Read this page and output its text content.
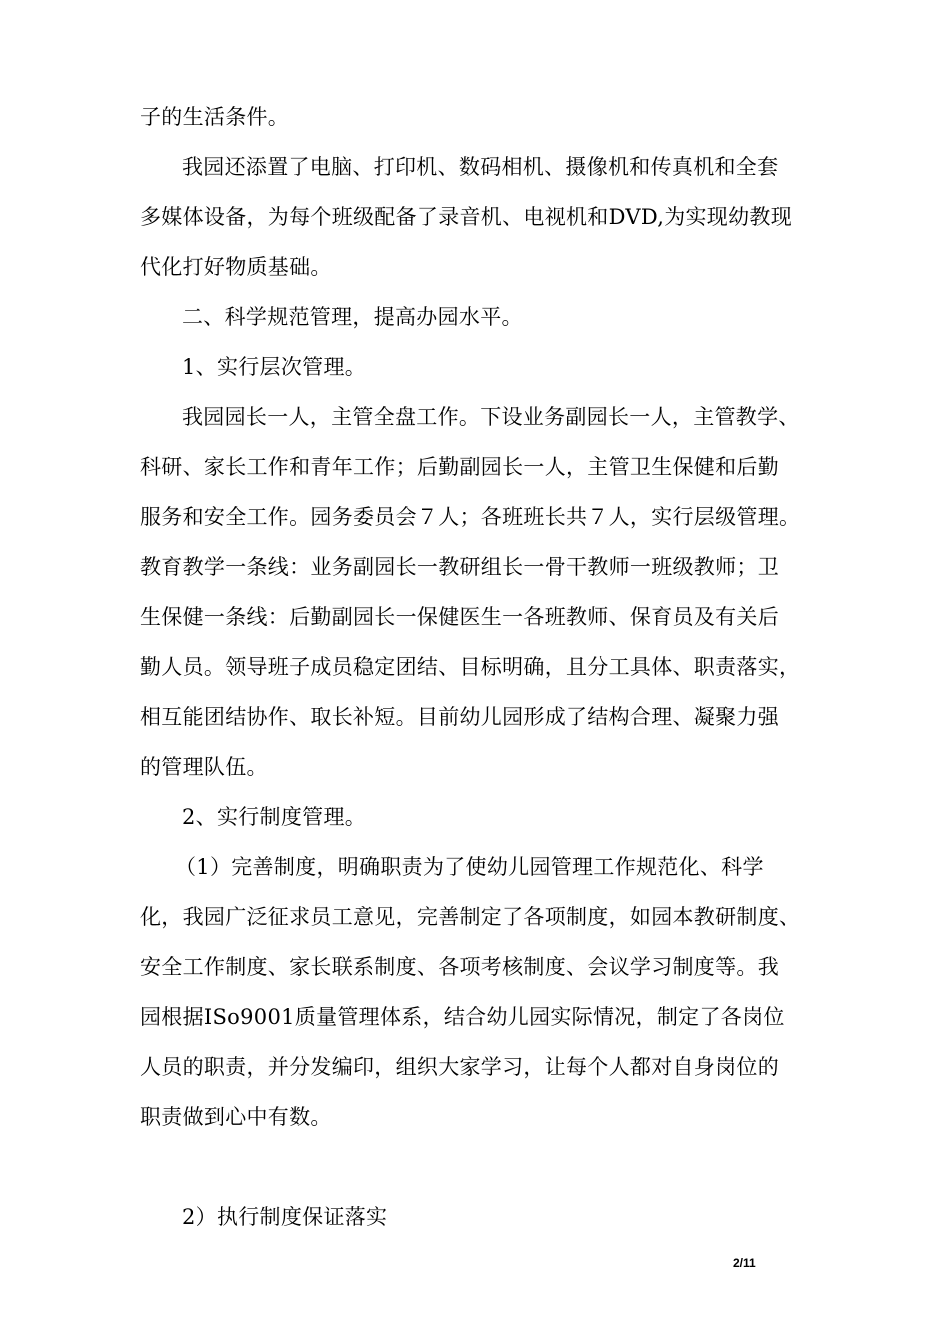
子的生活条件。
我园还添置了电脑、打印机、数码相机、摄像机和传真机和全套
多媒体设备，为每个班级配备了录音机、电视机和DVD,为实现幼教现
代化打好物质基础。
二、科学规范管理，提高办园水平。
1、实行层次管理。
我园园长一人，主管全盘工作。下设业务副园长一人，主管教学、
科研、家长工作和青年工作；后勤副园长一人，主管卫生保健和后勤
服务和安全工作。园务委员会７人；各班班长共７人，实行层级管理。
教育教学一条线：业务副园长一教研组长一骨干教师一班级教师；卫
生保健一条线：后勤副园长一保健医生一各班教师、保育员及有关后
勤人员。领导班子成员稳定团结、目标明确，且分工具体、职责落实，
相互能团结协作、取长补短。目前幼儿园形成了结构合理、凝聚力强
的管理队伍。
2、实行制度管理。
（1）完善制度，明确职责为了使幼儿园管理工作规范化、科学
化，我园广泛征求员工意见，完善制定了各项制度，如园本教研制度、
安全工作制度、家长联系制度、各项考核制度、会议学习制度等。我
园根据ISo9001质量管理体系，结合幼儿园实际情况，制定了各岗位
人员的职责，并分发编印，组织大家学习，让每个人都对自身岗位的
职责做到心中有数。
2）执行制度保证落实
2/11
